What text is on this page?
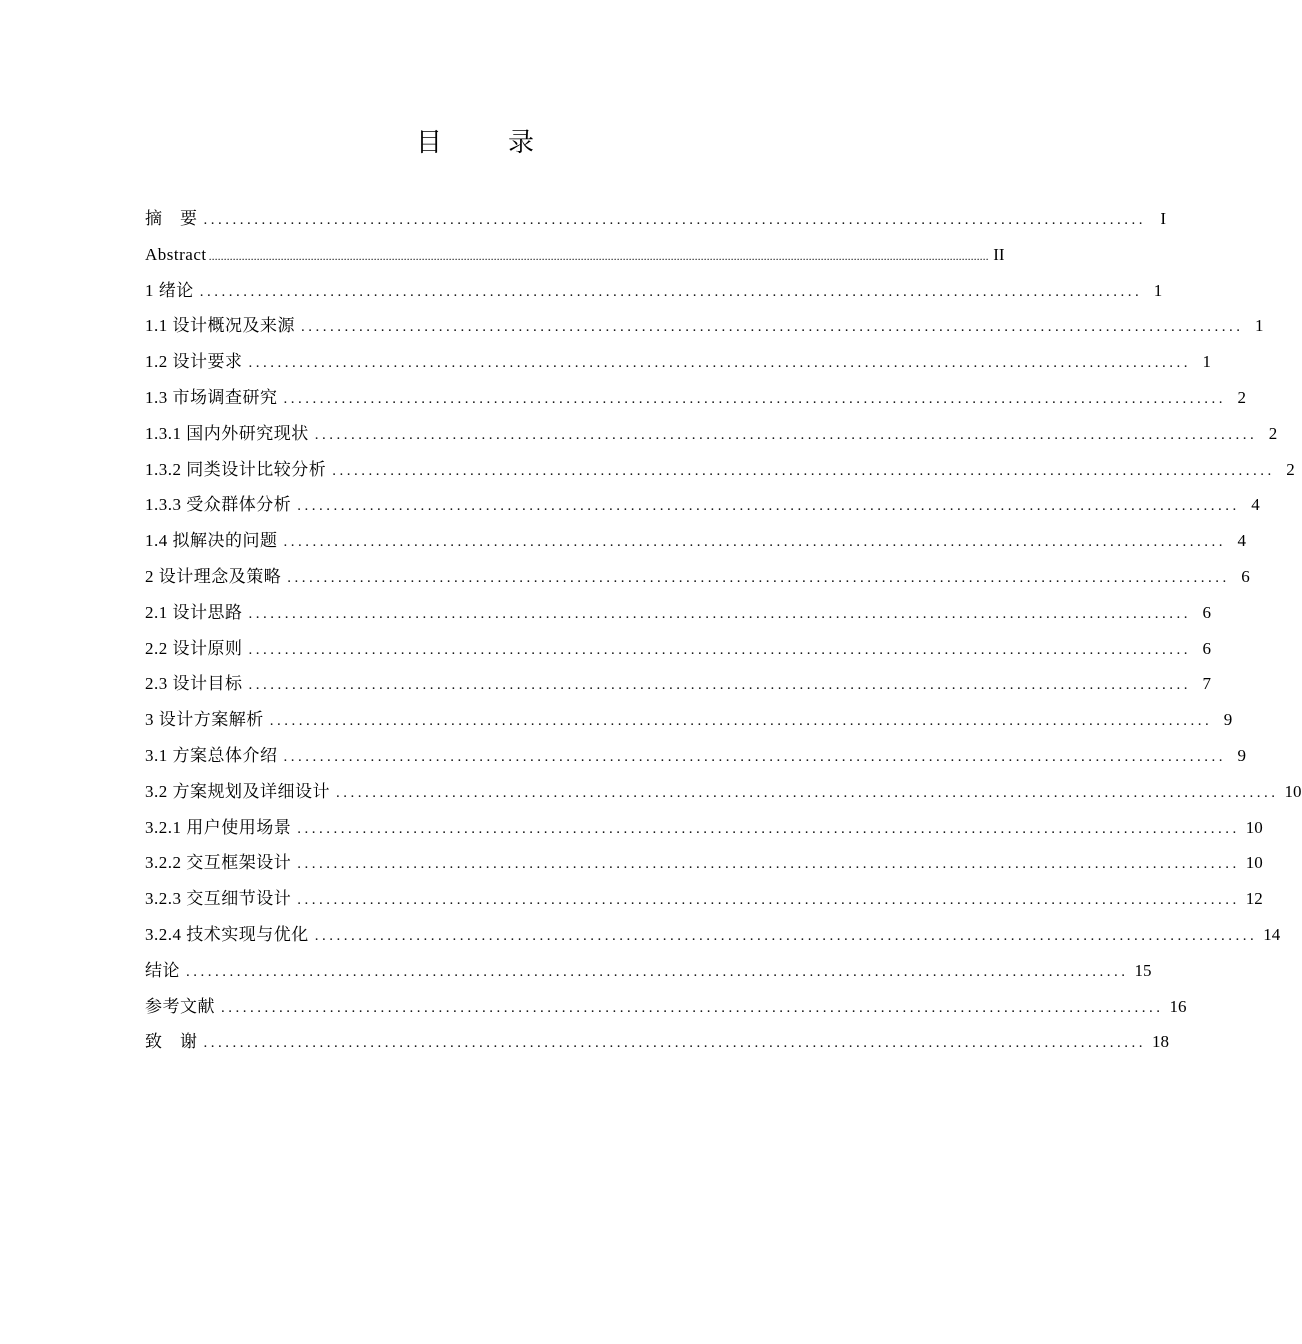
目　录
摘　要 .................................................................................................................................. I
Abstract .................................................................................................................................................................................................................................................................... II
1 绪论 .................................................................................................................................. 1
1.1 设计概况及来源 .................................................................................................................................. 1
1.2 设计要求 .................................................................................................................................. 1
1.3 市场调查研究 .................................................................................................................................. 2
1.3.1 国内外研究现状 .................................................................................................................................. 2
1.3.2 同类设计比较分析 .................................................................................................................................. 2
1.3.3 受众群体分析 .................................................................................................................................. 4
1.4 拟解决的问题 .................................................................................................................................. 4
2 设计理念及策略 .................................................................................................................................. 6
2.1 设计思路 .................................................................................................................................. 6
2.2 设计原则 .................................................................................................................................. 6
2.3 设计目标 .................................................................................................................................. 7
3 设计方案解析 .................................................................................................................................. 9
3.1 方案总体介绍 .................................................................................................................................. 9
3.2 方案规划及详细设计 .................................................................................................................................. 10
3.2.1 用户使用场景 .................................................................................................................................. 10
3.2.2 交互框架设计 .................................................................................................................................. 10
3.2.3 交互细节设计 .................................................................................................................................. 12
3.2.4 技术实现与优化 .................................................................................................................................. 14
结论 .................................................................................................................................. 15
参考文献 .................................................................................................................................. 16
致　谢 .................................................................................................................................. 18
